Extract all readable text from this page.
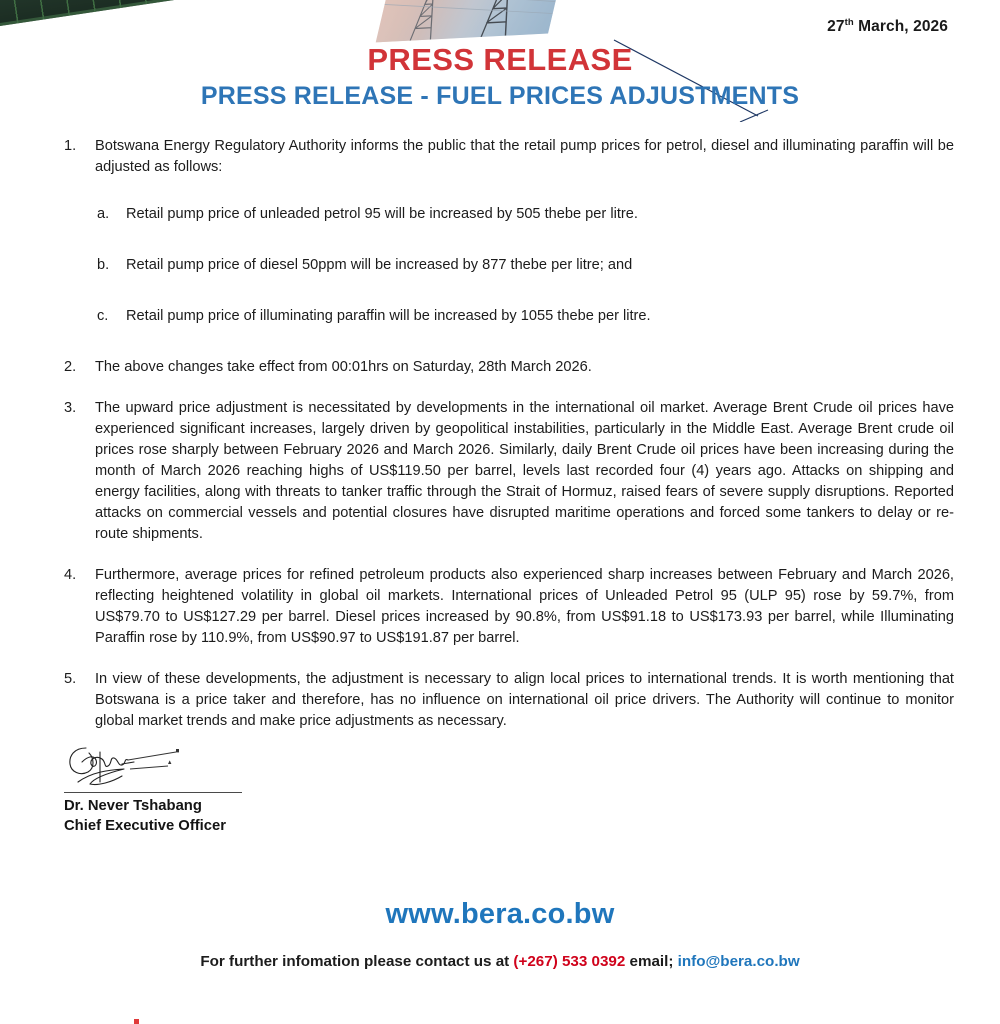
27th March, 2026
PRESS RELEASE
PRESS RELEASE - FUEL PRICES ADJUSTMENTS
1.	Botswana Energy Regulatory Authority informs the public that the retail pump prices for petrol, diesel and illuminating paraffin will be adjusted as follows:
a.	Retail pump price of unleaded petrol 95 will be increased by 505 thebe per litre.
b.	Retail pump price of diesel 50ppm will be increased by 877 thebe per litre; and
c.	Retail pump price of illuminating paraffin will be increased by 1055 thebe per litre.
2.	The above changes take effect from 00:01hrs on Saturday, 28th March 2026.
3.	The upward price adjustment is necessitated by developments in the international oil market. Average Brent Crude oil prices have experienced significant increases, largely driven by geopolitical instabilities, particularly in the Middle East. Average Brent crude oil prices rose sharply between February 2026 and March 2026. Similarly, daily Brent Crude oil prices have been increasing during the month of March 2026 reaching highs of US$119.50 per barrel, levels last recorded four (4) years ago. Attacks on shipping and energy facilities, along with threats to tanker traffic through the Strait of Hormuz, raised fears of severe supply disruptions. Reported attacks on commercial vessels and potential closures have disrupted maritime operations and forced some tankers to delay or re-route shipments.
4.	Furthermore, average prices for refined petroleum products also experienced sharp increases between February and March 2026, reflecting heightened volatility in global oil markets. International prices of Unleaded Petrol 95 (ULP 95) rose by 59.7%, from US$79.70 to US$127.29 per barrel. Diesel prices increased by 90.8%, from US$91.18 to US$173.93 per barrel, while Illuminating Paraffin rose by 110.9%, from US$90.97 to US$191.87 per barrel.
5.	In view of these developments, the adjustment is necessary to align local prices to international trends. It is worth mentioning that Botswana is a price taker and therefore, has no influence on international oil price drivers. The Authority will continue to monitor global market trends and make price adjustments as necessary.
Dr. Never Tshabang
Chief Executive Officer
www.bera.co.bw
For further infomation please contact us at (+267) 533 0392 email; info@bera.co.bw
